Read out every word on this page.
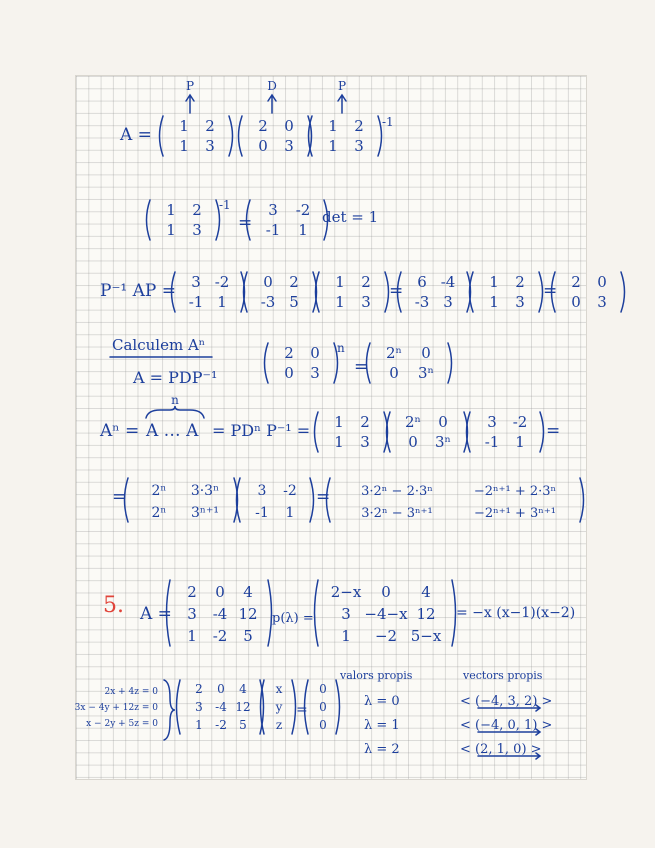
P	D	P
A = 1 2
1 3
2 0
0 3
1 2
1 3
-1
1 2
1 3
-1
=
3 -2
-1 1
det = 1
P⁻¹ AP = 3 -2
-1 1
0 2
-3 5
1 2
1 3
= 6 -4
-3 3
1 2
1 3
= 2 0
0 3
Calculem Aⁿ
A = PDP⁻¹
2 0
0 3
n
=
2ⁿ 0
0 3ⁿ
Aⁿ =
n
A … A = PDⁿ P⁻¹ = 1 2
1 3
2ⁿ 0
0 3ⁿ
3 -2
-1 1
=
= 2ⁿ 3·3ⁿ
2ⁿ 3ⁿ⁺¹
3 -2
-1 1
= 3·2ⁿ − 2·3ⁿ	−2ⁿ⁺¹ + 2·3ⁿ
3·2ⁿ − 3ⁿ⁺¹	−2ⁿ⁺¹ + 3ⁿ⁺¹
5. A =
2 0 4
3 -4 12
1 -2 5
p(λ) =
2−x 0 4
3 −4−x 12
1 −2 5−x
= −x (x−1)(x−2)
2x + 4z = 0
3x − 4y + 12z = 0
x − 2y + 5z = 0
2 0 4
3 -4 12
1 -2 5
x
y
z
=
0
0
0
valors propis	vectors propis
λ = 0	< (−4, 3, 2) >
λ = 1	< (−4, 0, 1) >
λ = 2	< (2, 1, 0) >
